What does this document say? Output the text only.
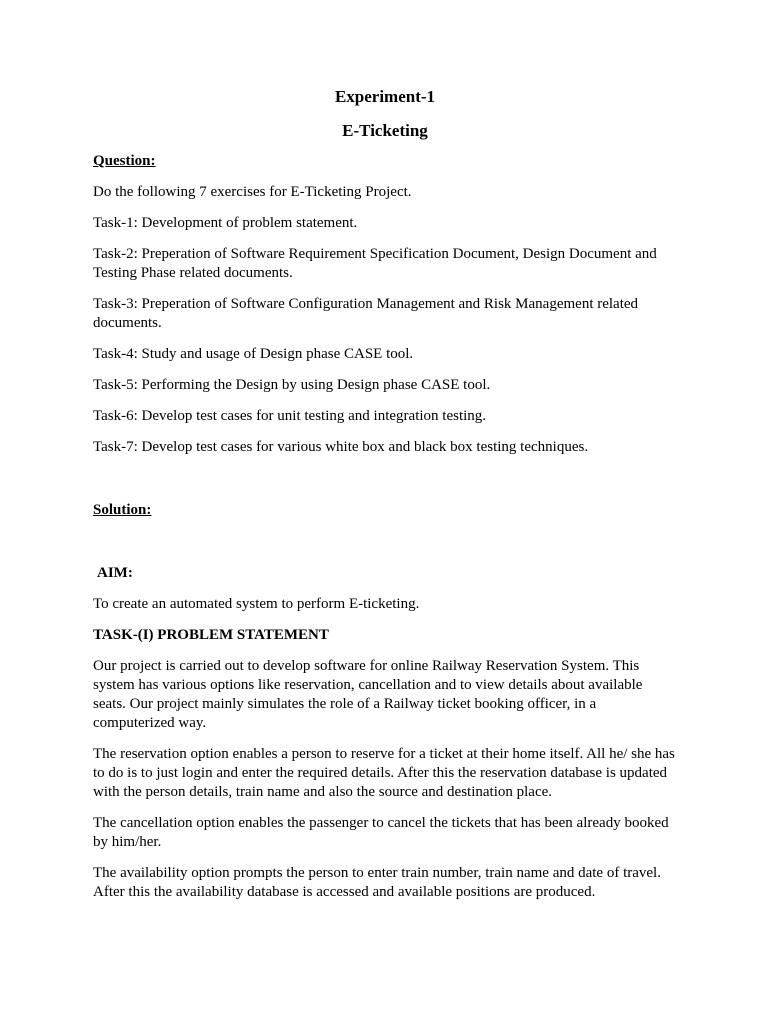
Experiment-1
E-Ticketing

Question:

Do the following 7 exercises for E-Ticketing Project.

Task-1: Development of problem statement.

Task-2: Preperation of Software Requirement Specification Document, Design Document and Testing Phase related documents.

Task-3: Preperation of Software Configuration Management and Risk Management related documents.

Task-4: Study and usage of Design phase CASE tool.

Task-5: Performing the Design by using Design phase CASE tool.

Task-6: Develop test cases for unit testing and integration testing.

Task-7: Develop test cases for various white box and black box testing techniques.

Solution:

AIM:

To create an automated system to perform E-ticketing.

TASK-(I) PROBLEM STATEMENT

Our project is carried out to develop software for online Railway Reservation System. This system has various options like reservation, cancellation and to view details about available seats. Our project mainly simulates the role of a Railway ticket booking officer, in a computerized way.

The reservation option enables a person to reserve for a ticket at their home itself. All he/ she has to do is to just login and enter the required details. After this the reservation database is updated with the person details, train name and also the source and destination place.

The cancellation option enables the passenger to cancel the tickets that has been already booked by him/her.

The availability option prompts the person to enter train number, train name and date of travel. After this the availability database is accessed and available positions are produced.
